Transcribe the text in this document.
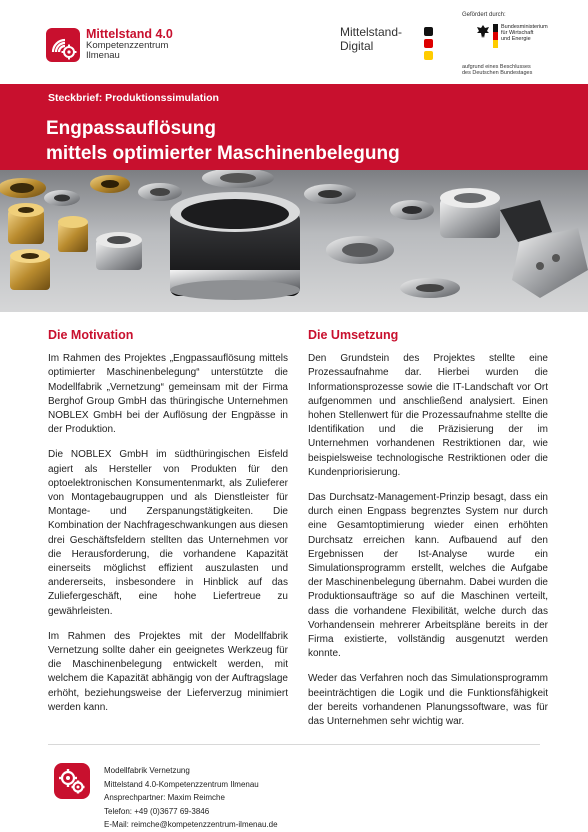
Mittelstand 4.0
Kompetenzzentrum
Ilmenau
Mittelstand-
Digital
Gefördert durch:
Bundesministerium
für Wirtschaft
und Energie
aufgrund eines Beschlusses
des Deutschen Bundestages
Steckbrief: Produktionssimulation
Engpassauflösung
mittels optimierter Maschinenbelegung
Die Motivation

Im Rahmen des Projektes „Engpassauflösung mittels optimierter Maschinenbelegung“ unterstützte die Modellfabrik „Vernetzung“ gemeinsam mit der Firma Berghof Group GmbH das thüringische Unternehmen NOBLEX GmbH bei der Auflösung der Engpässe in der Produktion.

Die NOBLEX GmbH im südthüringischen Eisfeld agiert als Hersteller von Produkten für den optoelektronischen Konsumentenmarkt, als Zulieferer von Montagebaugruppen und als Dienstleister für Montage- und Zerspanungstätigkeiten. Die Kombination der Nachfrageschwankungen aus diesen drei Geschäftsfeldern stellten das Unternehmen vor die Herausforderung, die vorhandene Kapazität einerseits möglichst effizient auszulasten und andererseits, insbesondere in Hinblick auf das Zuliefergeschäft, eine hohe Liefertreue zu gewährleisten.

Im Rahmen des Projektes mit der Modellfabrik Vernetzung sollte daher ein geeignetes Werkzeug für die Maschinenbelegung entwickelt werden, mit welchem die Kapazität abhängig von der Auftragslage erhöht, beziehungsweise der Lieferverzug minimiert werden kann.

Die Umsetzung

Den Grundstein des Projektes stellte eine Prozessaufnahme dar. Hierbei wurden die Informationsprozesse sowie die IT-Landschaft vor Ort aufgenommen und anschließend analysiert. Einen hohen Stellenwert für die Prozessaufnahme stellte die Identifikation und die Präzisierung der im Unternehmen vorhandenen Restriktionen dar, wie beispielsweise technologische Restriktionen oder die Kundenpriorisierung.

Das Durchsatz-Management-Prinzip besagt, dass ein durch einen Engpass begrenztes System nur durch eine Gesamtoptimierung wieder einen erhöhten Durchsatz erreichen kann. Aufbauend auf den Ergebnissen der Ist-Analyse wurde ein Simulationsprogramm erstellt, welches die Aufgabe der Maschinenbelegung übernahm. Dabei wurden die Produktionsaufträge so auf die Maschinen verteilt, dass die vorhandene Flexibilität, welche durch das Vorhandensein mehrerer Arbeitspläne bereits in der Firma existierte, vollständig ausgenutzt werden konnte.

Weder das Verfahren noch das Simulationsprogramm beeinträchtigen die Logik und die Funktionsfähigkeit der bereits vorhandenen Planungssoftware, was für das Unternehmen sehr wichtig war.

Modellfabrik Vernetzung
Mittelstand 4.0-Kompetenzzentrum Ilmenau
Ansprechpartner: Maxim Reimche
Telefon: +49 (0)3677 69-3846
E-Mail: reimche@kompetenzzentrum-ilmenau.de
